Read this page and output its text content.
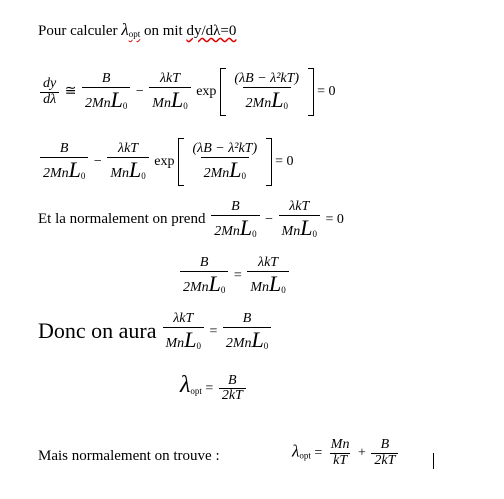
Pour calculer λopt on mit dy/dλ=0
$\frac{dy}{d\lambda}$ ≅ $\frac{B}{2MnL_0} - \frac{\text{λkT}}{MnL_0}$ $\exp \frac{\text{(λB − λ²kT)}}{2MnL_0} = 0$
$\frac{B}{2MnL_0} - \frac{\text{λkT}}{MnL_0}$ $\exp \frac{\text{(λB − λ²kT)}}{2MnL_0} = 0$
Et la normalement on prend $\frac{B}{2MnL_0} - \frac{\text{λkT}}{MnL_0} = 0$
$\frac{B}{2MnL_0} = \frac{\text{λkT}}{MnL_0}$
Donc on aura $\frac{\text{λkT}}{MnL_0} = \frac{B}{2MnL_0}$
$\lambda_{opt} = \frac{B}{2kT}$
Mais normalement on trouve :	$\lambda_{opt} = \frac{Mn}{kT} + \frac{B}{2kT}$
